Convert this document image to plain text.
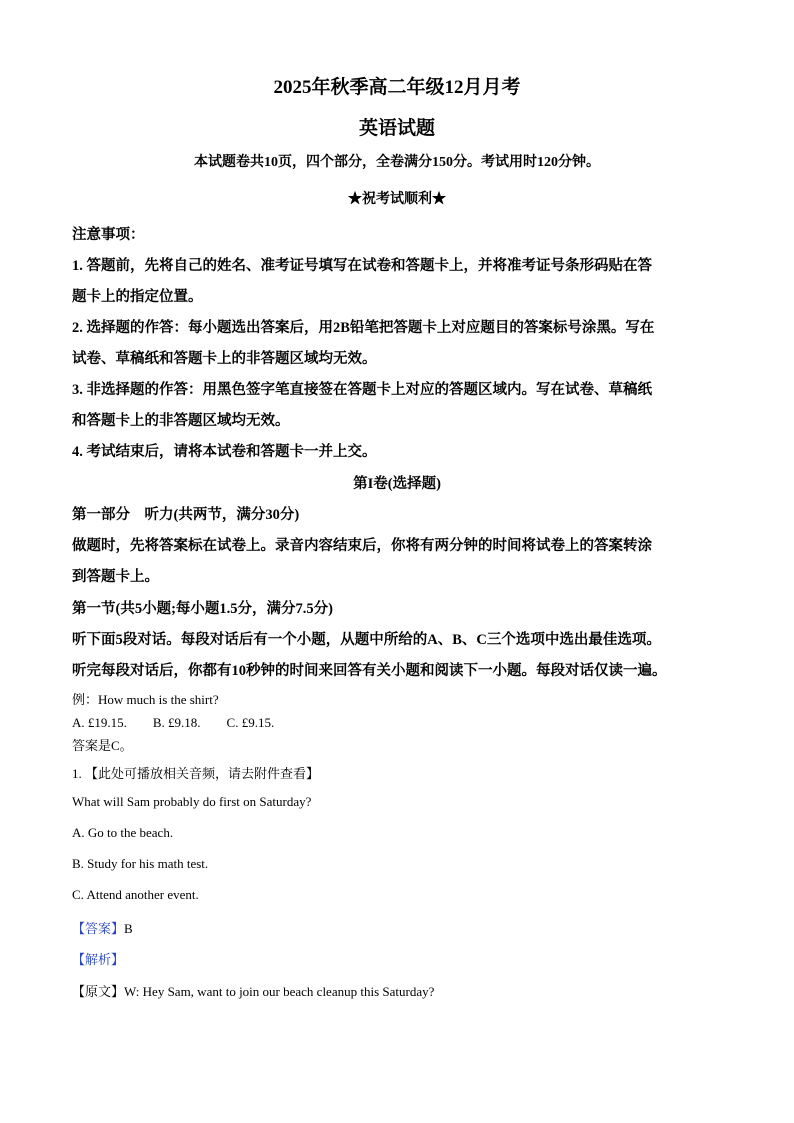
2025年秋季高二年级12月月考
英语试题
本试题卷共10页，四个部分，全卷满分150分。考试用时120分钟。
★祝考试顺利★
注意事项：
1. 答题前，先将自己的姓名、准考证号填写在试卷和答题卡上，并将准考证号条形码贴在答
题卡上的指定位置。
2. 选择题的作答：每小题选出答案后，用2B铅笔把答题卡上对应题目的答案标号涂黑。写在
试卷、草稿纸和答题卡上的非答题区域均无效。
3. 非选择题的作答：用黑色签字笔直接签在答题卡上对应的答题区域内。写在试卷、草稿纸
和答题卡上的非答题区域均无效。
4. 考试结束后，请将本试卷和答题卡一并上交。
第I卷(选择题)
第一部分　听力(共两节，满分30分)
做题时，先将答案标在试卷上。录音内容结束后，你将有两分钟的时间将试卷上的答案转涂
到答题卡上。
第一节(共5小题;每小题1.5分，满分7.5分)
听下面5段对话。每段对话后有一个小题，从题中所给的A、B、C三个选项中选出最佳选项。
听完每段对话后，你都有10秒钟的时间来回答有关小题和阅读下一小题。每段对话仅读一遍。
例：How much is the shirt?
A. £19.15.　　B. £9.18.　　C. £9.15.
答案是C。
1. 【此处可播放相关音频，请去附件查看】
What will Sam probably do first on Saturday?
A. Go to the beach.
B. Study for his math test.
C. Attend another event.
【答案】B
【解析】
【原文】W: Hey Sam, want to join our beach cleanup this Saturday?
